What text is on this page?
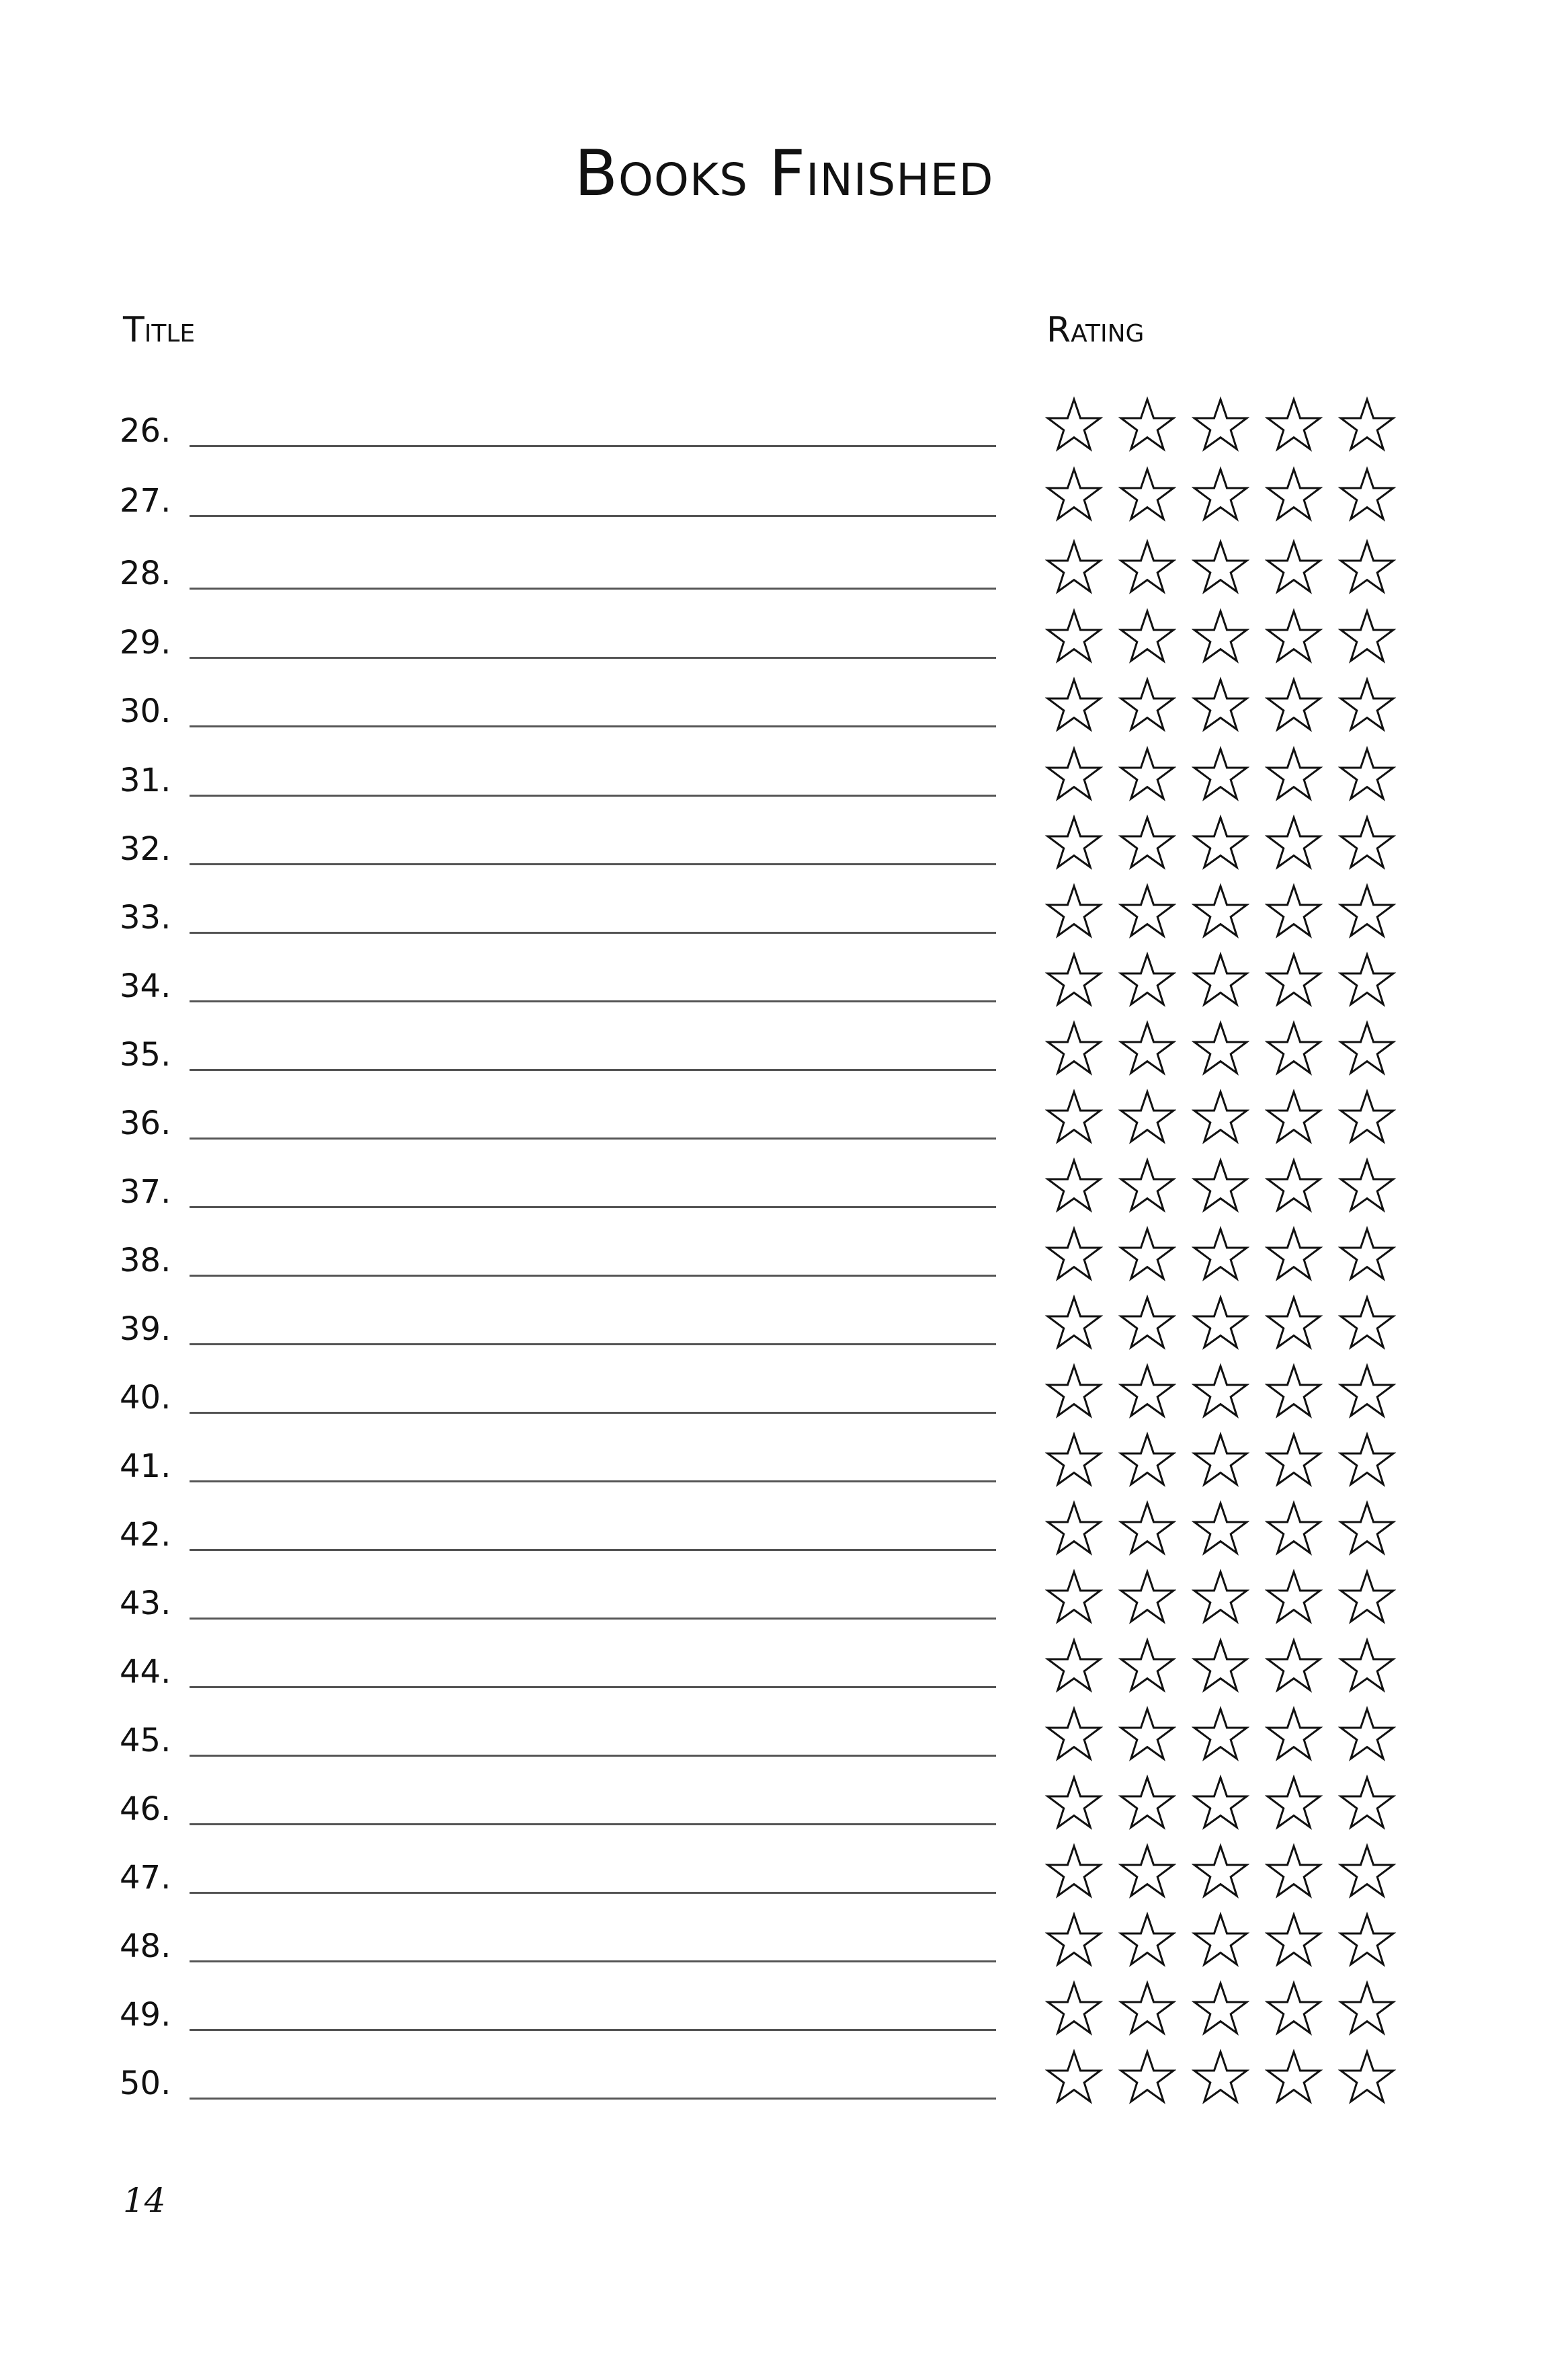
Books Finished
Title	Rating
26.
27.
28.
29.
30.
31.
32.
33.
34.
35.
36.
37.
38.
39.
40.
41.
42.
43.
44.
45.
46.
47.
48.
49.
50.
14
